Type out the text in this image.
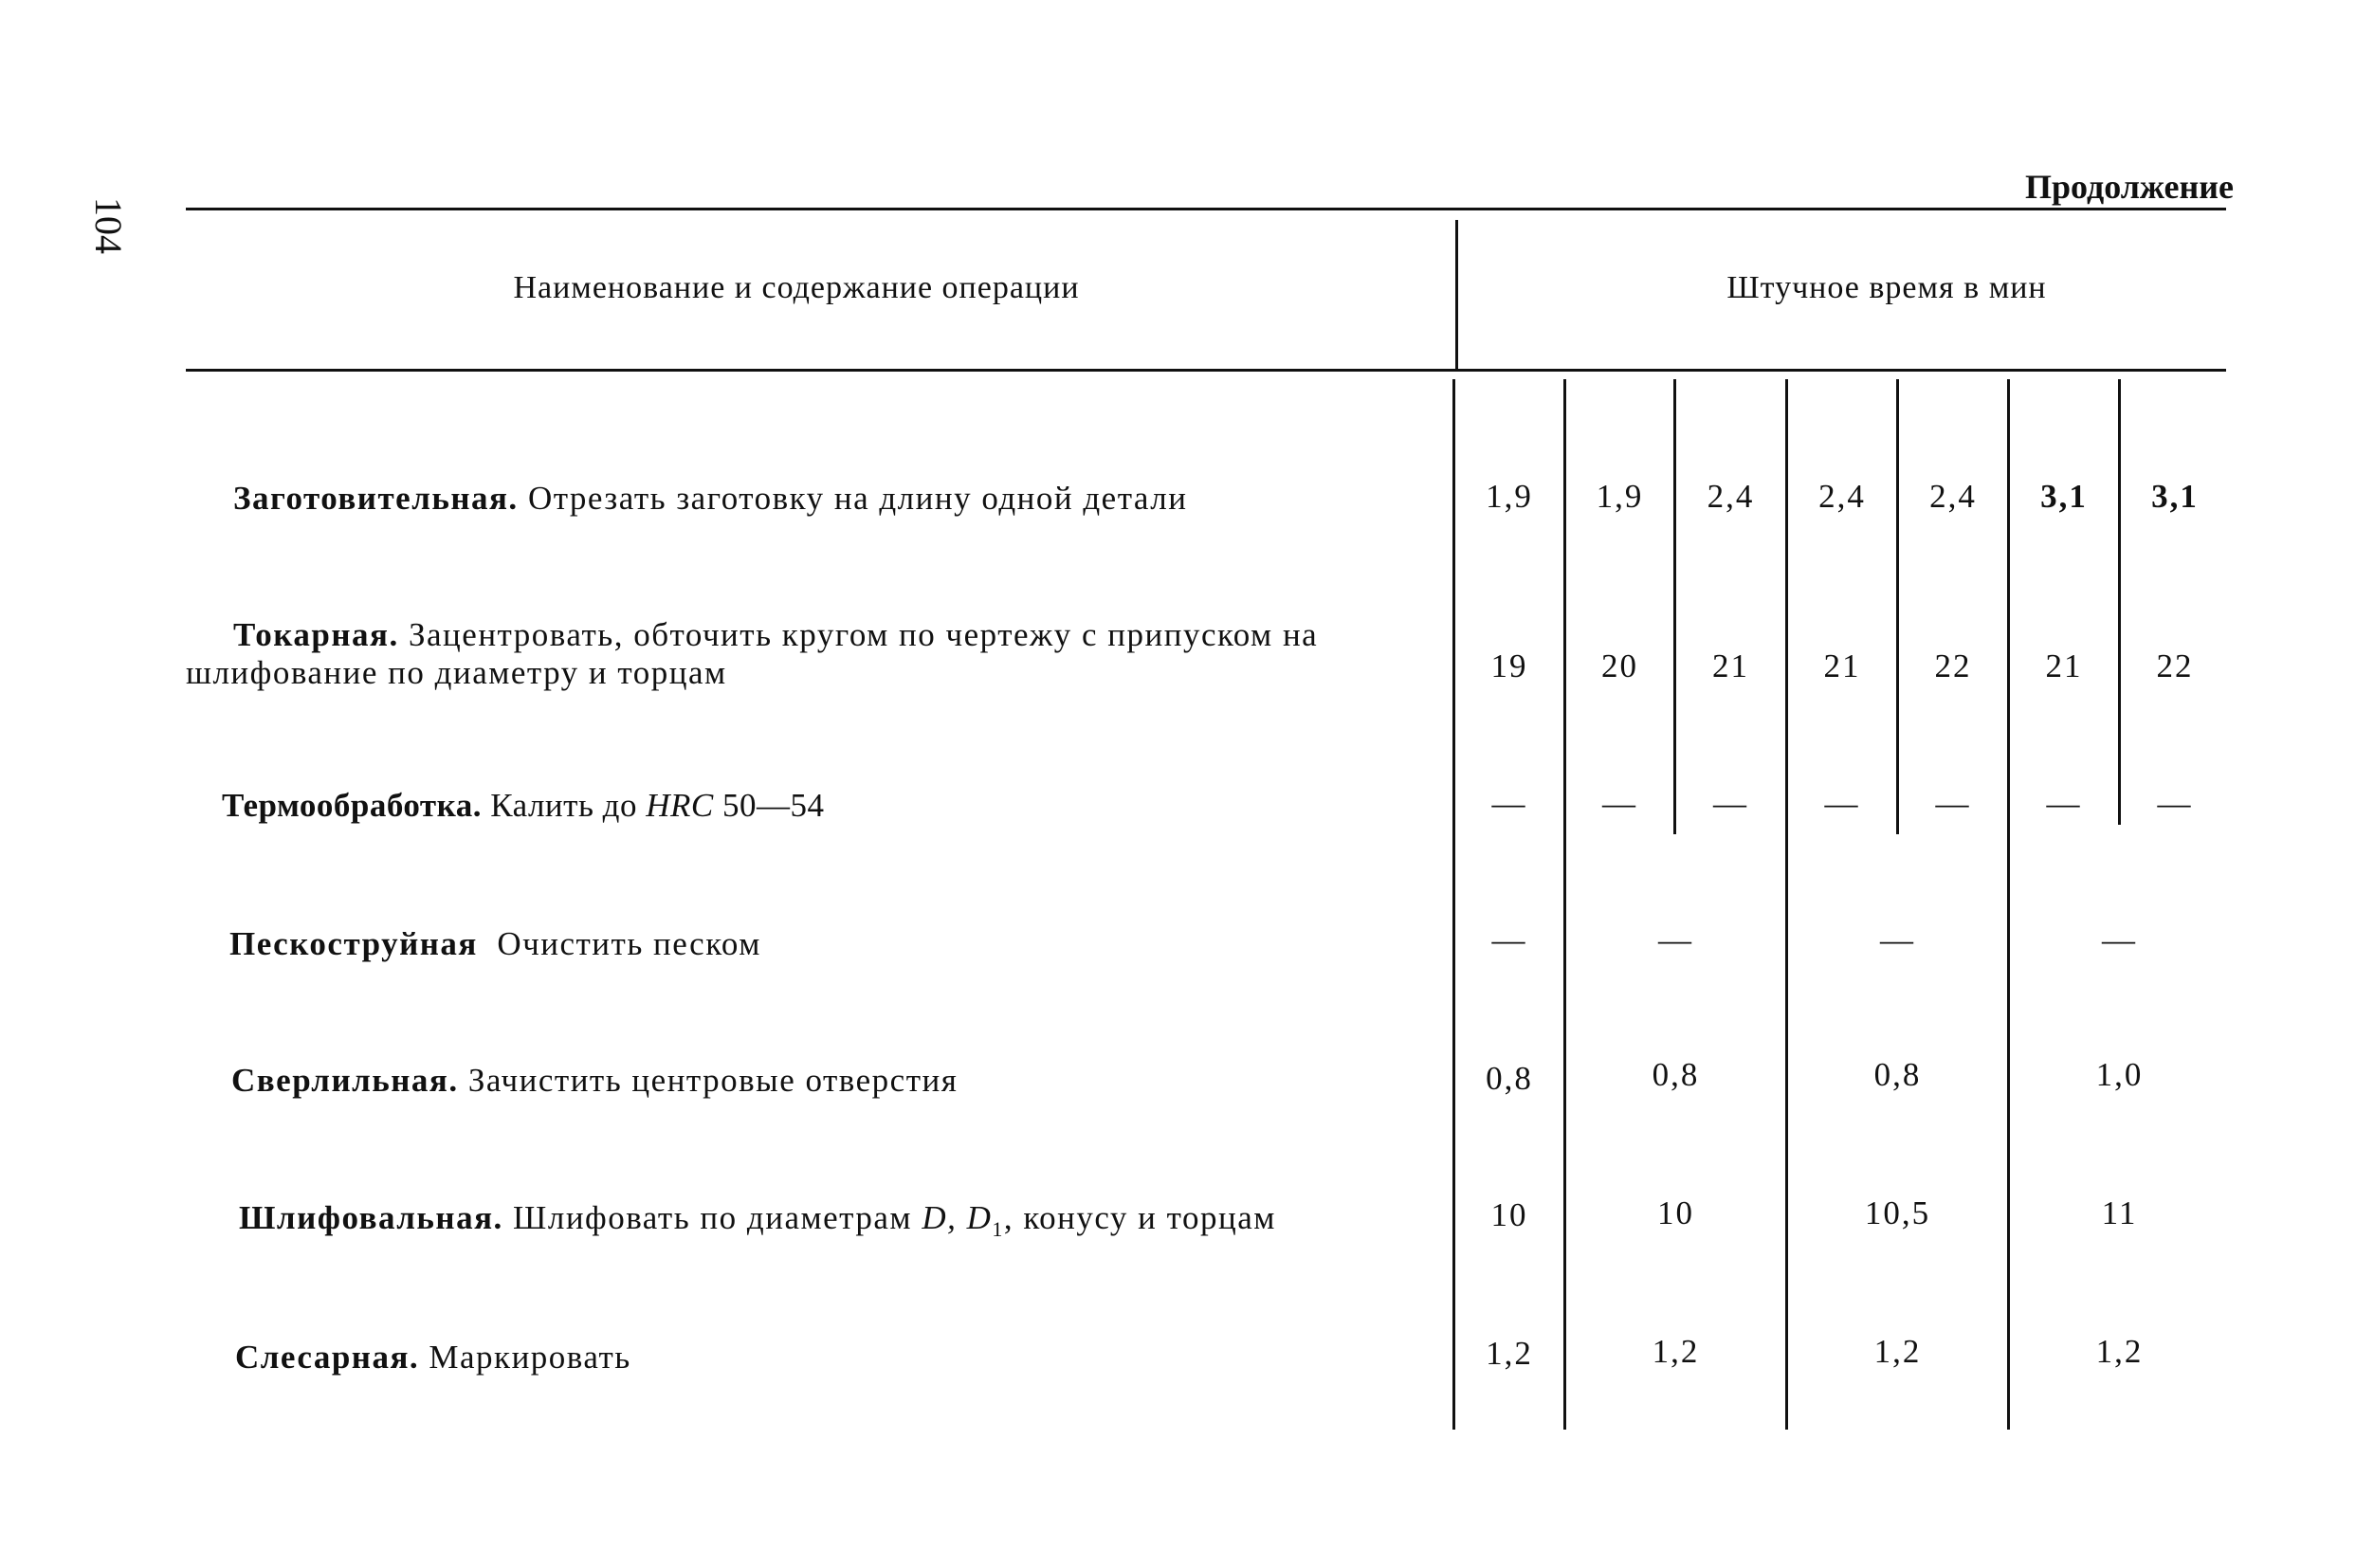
104
Продолжение
Наименование и содержание операции	Штучное время в мин
Заготовительная. Отрезать заготовку на длину одной детали	1,9	1,9	2,4	2,4	2,4	3,1	3,1
Токарная. Зацентровать, обточить кругом по чертежу с припуском на
шлифование по диаметру и торцам	19	20	21	21	22	21	22
Термообработка. Калить до HRC 50—54	—	—	—	—	—	—	—
Пескоструйная  Очистить песком	—	—	—	—
Сверлильная. Зачистить центровые отверстия	0,8	0,8	0,8	1,0
Шлифовальная. Шлифовать по диаметрам D, $D_1$, конусу и торцам	10	10	10,5	11
Слесарная. Маркировать	1,2	1,2	1,2	1,2
